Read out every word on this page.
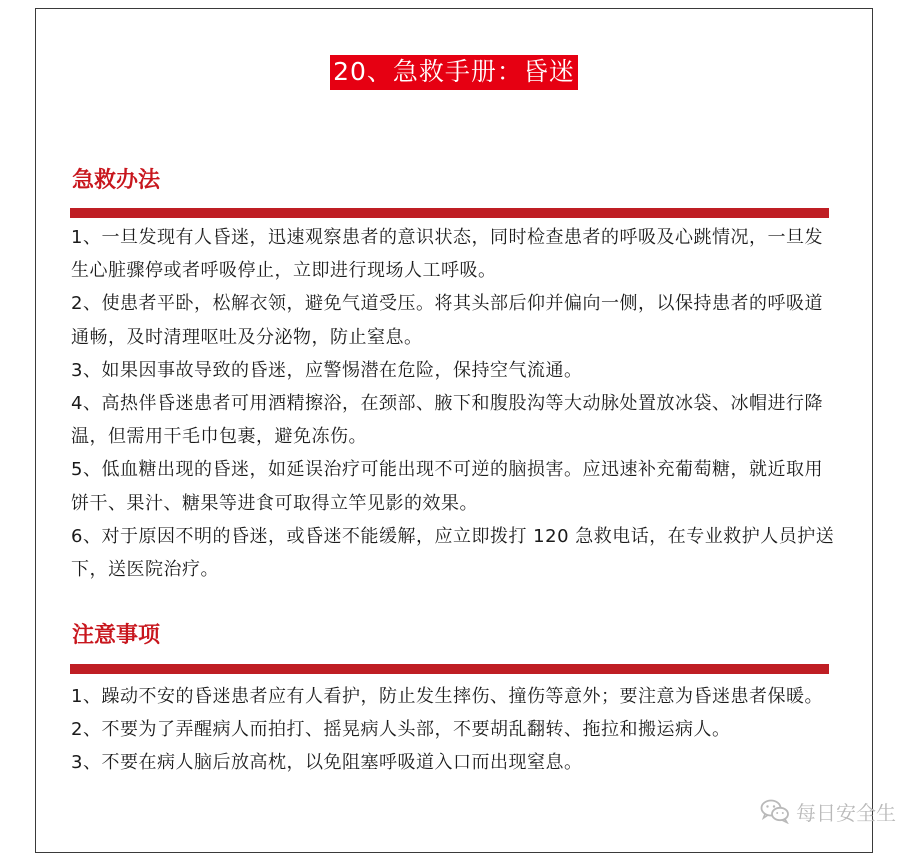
20、急救手册：昏迷
急救办法

1、一旦发现有人昏迷，迅速观察患者的意识状态，同时检查患者的呼吸及心跳情况，一旦发生心脏骤停或者呼吸停止，立即进行现场人工呼吸。

2、使患者平卧，松解衣领，避免气道受压。将其头部后仰并偏向一侧，以保持患者的呼吸道通畅，及时清理呕吐及分泌物，防止窒息。

3、如果因事故导致的昏迷，应警惕潜在危险，保持空气流通。

4、高热伴昏迷患者可用酒精擦浴，在颈部、腋下和腹股沟等大动脉处置放冰袋、冰帽进行降温，但需用干毛巾包裹，避免冻伤。

5、低血糖出现的昏迷，如延误治疗可能出现不可逆的脑损害。应迅速补充葡萄糖，就近取用饼干、果汁、糖果等进食可取得立竿见影的效果。

6、对于原因不明的昏迷，或昏迷不能缓解，应立即拨打 120 急救电话，在专业救护人员护送下，送医院治疗。

注意事项

1、躁动不安的昏迷患者应有人看护，防止发生摔伤、撞伤等意外；要注意为昏迷患者保暖。

2、不要为了弄醒病人而拍打、摇晃病人头部，不要胡乱翻转、拖拉和搬运病人。

3、不要在病人脑后放高枕，以免阻塞呼吸道入口而出现窒息。

每日安全生
